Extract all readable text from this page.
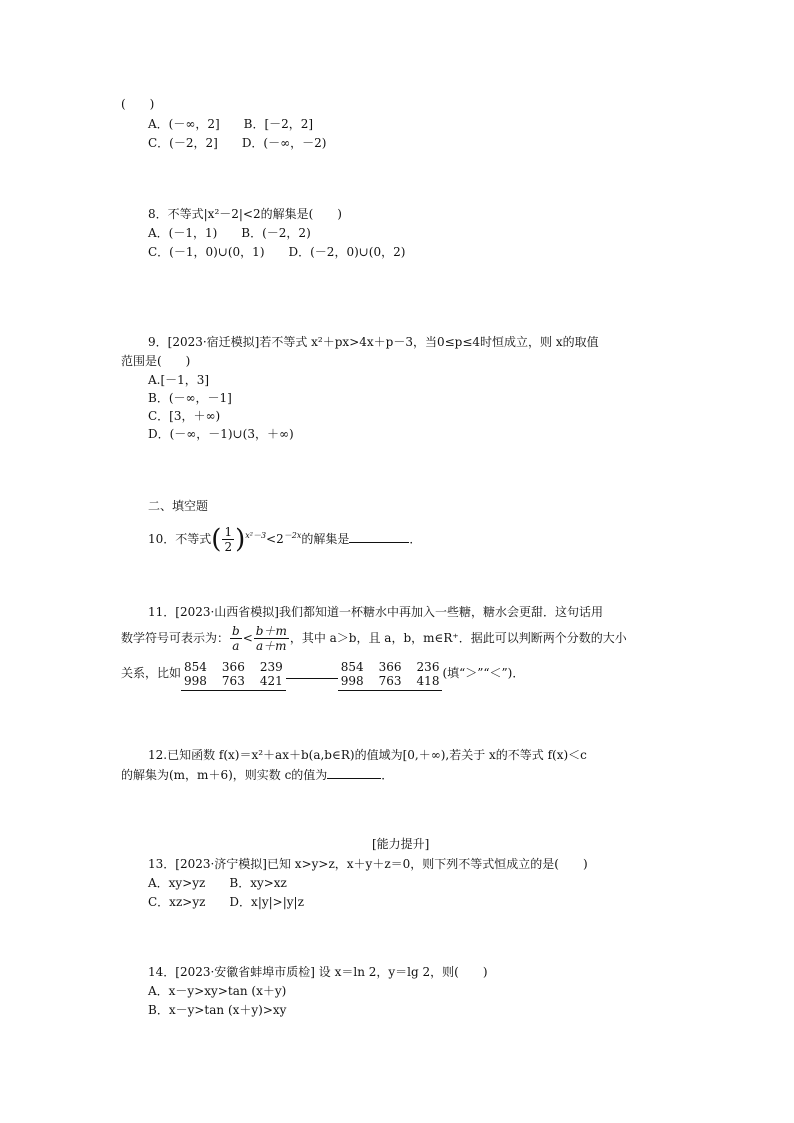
(　　)
A．(－∞，2]　　B．[－2，2]
C．(－2，2]　　D．(－∞，－2)
8．不等式|x²－2|<2的解集是(　　)
A．(－1，1)　　B．(－2，2)
C．(－1，0)∪(0，1)　　D．(－2，0)∪(0，2)
9．[2023·宿迁模拟]若不等式 x²＋px>4x＋p－3，当0≤p≤4时恒成立，则 x的取值
范围是(　　)
A.[－1，3]
B．(－∞，－1]
C．[3，＋∞)
D．(－∞，－1)∪(3，＋∞)
二、填空题
10．不等式( $\frac{1}{2} )^{x^2-3}<2^{-2x}$的解集是	．
11．[2023·山西省模拟]我们都知道一杯糖水中再加入一些糖，糖水会更甜．这句话用
数学符号可表示为： $\frac{b}{a} < \frac{b+m}{a+m}$ ，其中 a＞b，且 a，b，m∈R⁺．据此可以判断两个分数的大小
关系，比如 854
998
366
763
239
421
854
998
366
763
236
418
(填“＞”“＜”)．
12.已知函数 f(x)＝x²＋ax＋b(a,b∈R)的值域为[0,＋∞),若关于 x的不等式 f(x)＜c
的解集为(m，m＋6)，则实数 c的值为	．
[能力提升]
13．[2023·济宁模拟]已知 x>y>z，x＋y＋z＝0，则下列不等式恒成立的是(　　)
A．xy>yz　　B．xy>xz
C．xz>yz　　D．x|y|>|y|z
14．[2023·安徽省蚌埠市质检] 设 x＝ln 2，y＝lg 2，则(　　)
A．x－y>xy>tan (x＋y)
B．x－y>tan (x＋y)>xy
